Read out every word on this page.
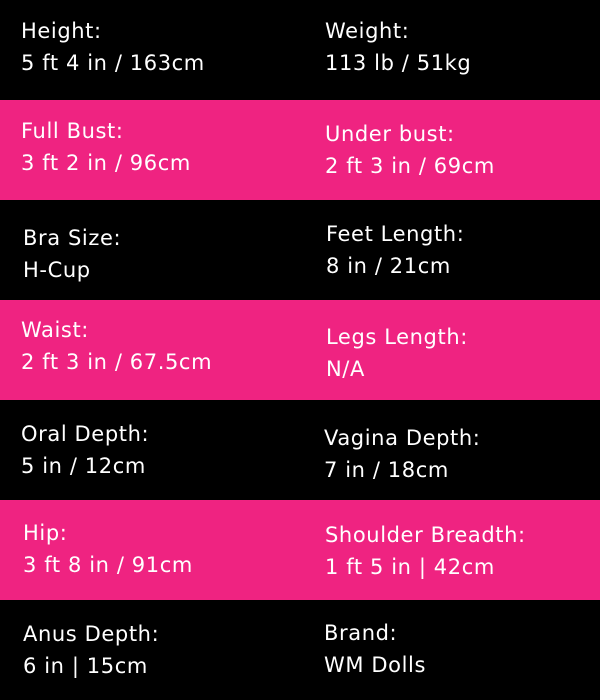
Height:
5 ft 4 in / 163cm
Weight:
113 lb / 51kg
Full Bust:
3 ft 2 in / 96cm
Under bust:
2 ft 3 in / 69cm
Bra Size:
H-Cup
Feet Length:
8 in / 21cm
Waist:
2 ft 3 in / 67.5cm
Legs Length:
N/A
Oral Depth:
5 in / 12cm
Vagina Depth:
7 in / 18cm
Hip:
3 ft 8 in / 91cm
Shoulder Breadth:
1 ft 5 in | 42cm
Anus Depth:
6 in | 15cm
Brand:
WM Dolls
